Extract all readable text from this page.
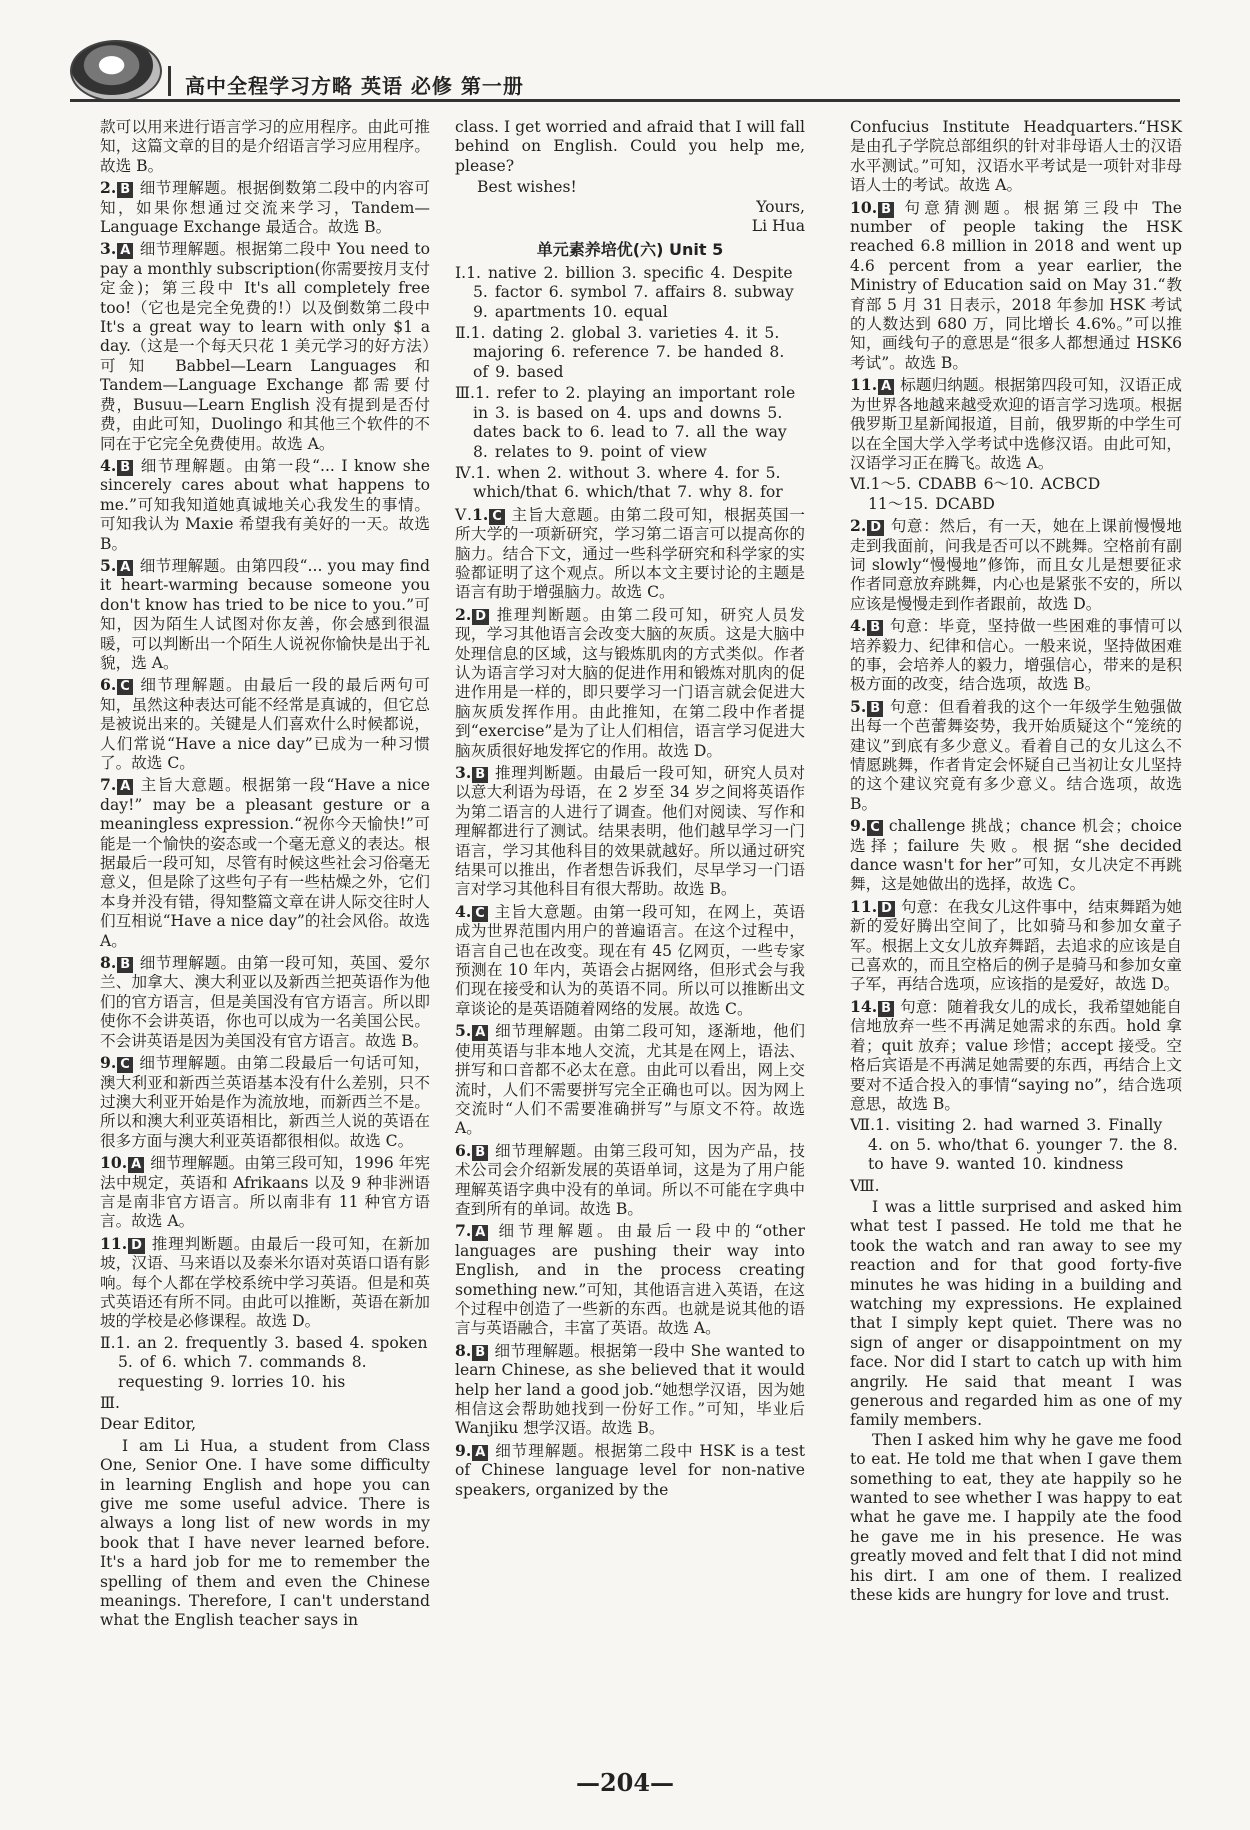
高中全程学习方略 英语 必修 第一册

款可以用来进行语言学习的应用程序。由此可推知，这篇文章的目的是介绍语言学习应用程序。故选 B。

2. B 细节理解题。根据倒数第二段中的内容可知，如果你想通过交流来学习，Tandem—Language Exchange 最适合。故选 B。

3. A 细节理解题。根据第二段中 You need to pay a monthly subscription(你需要按月支付定金)；第三段中 It's all completely free too!（它也是完全免费的!）以及倒数第二段中 It's a great way to learn with only $1 a day.（这是一个每天只花 1 美元学习的好方法）可知 Babbel—Learn Languages 和 Tandem—Language Exchange 都需要付费，Busuu—Learn English 没有提到是否付费，由此可知，Duolingo 和其他三个软件的不同在于它完全免费使用。故选 A。

4. B 细节理解题。由第一段“... I know she sincerely cares about what happens to me.”可知我知道她真诚地关心我发生的事情。可知我认为 Maxie 希望我有美好的一天。故选 B。

5. A 细节理解题。由第四段“... you may find it heart-warming because someone you don't know has tried to be nice to you.”可知，因为陌生人试图对你友善，你会感到很温暖，可以判断出一个陌生人说祝你愉快是出于礼貌，选 A。

6. C 细节理解题。由最后一段的最后两句可知，虽然这种表达可能不经常是真诚的，但它总是被说出来的。关键是人们喜欢什么时候都说，人们常说“Have a nice day”已成为一种习惯了。故选 C。

7. A 主旨大意题。根据第一段“Have a nice day!” may be a pleasant gesture or a meaningless expression.“祝你今天愉快!”可能是一个愉快的姿态或一个毫无意义的表达。根据最后一段可知，尽管有时候这些社会习俗毫无意义，但是除了这些句子有一些枯燥之外，它们本身并没有错，得知整篇文章在讲人际交往时人们互相说“Have a nice day”的社会风俗。故选 A。

8. B 细节理解题。由第一段可知，英国、爱尔兰、加拿大、澳大利亚以及新西兰把英语作为他们的官方语言，但是美国没有官方语言。所以即使你不会讲英语，你也可以成为一名美国公民。不会讲英语是因为美国没有官方语言。故选 B。

9. C 细节理解题。由第二段最后一句话可知，澳大利亚和新西兰英语基本没有什么差别，只不过澳大利亚开始是作为流放地，而新西兰不是。所以和澳大利亚英语相比，新西兰人说的英语在很多方面与澳大利亚英语都很相似。故选 C。

10. A 细节理解题。由第三段可知，1996 年宪法中规定，英语和 Afrikaans 以及 9 种非洲语言是南非官方语言。所以南非有 11 种官方语言。故选 A。

11. D 推理判断题。由最后一段可知，在新加坡，汉语、马来语以及泰米尔语对英语口语有影响。每个人都在学校系统中学习英语。但是和英式英语还有所不同。由此可以推断，英语在新加坡的学校是必修课程。故选 D。

Ⅱ.1. an 2. frequently 3. based 4. spoken 5. of 6. which 7. commands 8. requesting 9. lorries 10. his

Ⅲ.

Dear Editor,

I am Li Hua, a student from Class One, Senior One. I have some difficulty in learning English and hope you can give me some useful advice. There is always a long list of new words in my book that I have never learned before. It's a hard job for me to remember the spelling of them and even the Chinese meanings. Therefore, I can't understand what the English teacher says in

class. I get worried and afraid that I will fall behind on English. Could you help me, please?

Best wishes!

Yours,

Li Hua

单元素养培优(六) Unit 5

Ⅰ.1. native 2. billion 3. specific 4. Despite 5. factor 6. symbol 7. affairs 8. subway 9. apartments 10. equal

Ⅱ.1. dating 2. global 3. varieties 4. it 5. majoring 6. reference 7. be handed 8. of 9. based

Ⅲ.1. refer to 2. playing an important role in 3. is based on 4. ups and downs 5. dates back to 6. lead to 7. all the way 8. relates to 9. point of view

Ⅳ.1. when 2. without 3. where 4. for 5. which/that 6. which/that 7. why 8. for

Ⅴ.1. C 主旨大意题。由第二段可知，根据英国一所大学的一项新研究，学习第二语言可以提高你的脑力。结合下文，通过一些科学研究和科学家的实验都证明了这个观点。所以本文主要讨论的主题是语言有助于增强脑力。故选 C。

2. D 推理判断题。由第二段可知，研究人员发现，学习其他语言会改变大脑的灰质。这是大脑中处理信息的区域，这与锻炼肌肉的方式类似。作者认为语言学习对大脑的促进作用和锻炼对肌肉的促进作用是一样的，即只要学习一门语言就会促进大脑灰质发挥作用。由此推知，在第二段中作者提到“exercise”是为了让人们相信，语言学习促进大脑灰质很好地发挥它的作用。故选 D。

3. B 推理判断题。由最后一段可知，研究人员对以意大利语为母语，在 2 岁至 34 岁之间将英语作为第二语言的人进行了调查。他们对阅读、写作和理解都进行了测试。结果表明，他们越早学习一门语言，学习其他科目的效果就越好。所以通过研究结果可以推出，作者想告诉我们，尽早学习一门语言对学习其他科目有很大帮助。故选 B。

4. C 主旨大意题。由第一段可知，在网上，英语成为世界范围内用户的普遍语言。在这个过程中，语言自己也在改变。现在有 45 亿网页，一些专家预测在 10 年内，英语会占据网络，但形式会与我们现在接受和认为的英语不同。所以可以推断出文章谈论的是英语随着网络的发展。故选 C。

5. A 细节理解题。由第二段可知，逐渐地，他们使用英语与非本地人交流，尤其是在网上，语法、拼写和口音都不必太在意。由此可以看出，网上交流时，人们不需要拼写完全正确也可以。因为网上交流时“人们不需要准确拼写”与原文不符。故选 A。

6. B 细节理解题。由第三段可知，因为产品，技术公司会介绍新发展的英语单词，这是为了用户能理解英语字典中没有的单词。所以不可能在字典中查到所有的单词。故选 B。

7. A 细节理解题。由最后一段中的“other languages are pushing their way into English, and in the process creating something new.”可知，其他语言进入英语，在这个过程中创造了一些新的东西。也就是说其他的语言与英语融合，丰富了英语。故选 A。

8. B 细节理解题。根据第一段中 She wanted to learn Chinese, as she believed that it would help her land a good job.“她想学汉语，因为她相信这会帮助她找到一份好工作。”可知，毕业后 Wanjiku 想学汉语。故选 B。

9. A 细节理解题。根据第二段中 HSK is a test of Chinese language level for non-native speakers, organized by the

Confucius Institute Headquarters.“HSK 是由孔子学院总部组织的针对非母语人士的汉语水平测试。”可知，汉语水平考试是一项针对非母语人士的考试。故选 A。

10. B 句意猜测题。根据第三段中 The number of people taking the HSK reached 6.8 million in 2018 and went up 4.6 percent from a year earlier, the Ministry of Education said on May 31.“教育部 5 月 31 日表示，2018 年参加 HSK 考试的人数达到 680 万，同比增长 4.6%。”可以推知，画线句子的意思是“很多人都想通过 HSK6 考试”。故选 B。

11. A 标题归纳题。根据第四段可知，汉语正成为世界各地越来越受欢迎的语言学习选项。根据俄罗斯卫星新闻报道，目前，俄罗斯的中学生可以在全国大学入学考试中选修汉语。由此可知，汉语学习正在腾飞。故选 A。

Ⅵ.1～5. CDABB 6～10. ACBCD
11～15. DCABD

2. D 句意：然后，有一天，她在上课前慢慢地走到我面前，问我是否可以不跳舞。空格前有副词 slowly“慢慢地”修饰，而且女儿是想要征求作者同意放弃跳舞，内心也是紧张不安的，所以应该是慢慢走到作者跟前，故选 D。

4. B 句意：毕竟，坚持做一些困难的事情可以培养毅力、纪律和信心。一般来说，坚持做困难的事，会培养人的毅力，增强信心，带来的是积极方面的改变，结合选项，故选 B。

5. B 句意：但看着我的这个一年级学生勉强做出每一个芭蕾舞姿势，我开始质疑这个“笼统的建议”到底有多少意义。看着自己的女儿这么不情愿跳舞，作者肯定会怀疑自己当初让女儿坚持的这个建议究竟有多少意义。结合选项，故选 B。

9. C challenge 挑战；chance 机会；choice 选择；failure 失败。根据“she decided dance wasn't for her”可知，女儿决定不再跳舞，这是她做出的选择，故选 C。

11. D 句意：在我女儿这件事中，结束舞蹈为她新的爱好腾出空间了，比如骑马和参加女童子军。根据上文女儿放弃舞蹈，去追求的应该是自己喜欢的，而且空格后的例子是骑马和参加女童子军，再结合选项，应该指的是爱好，故选 D。

14. B 句意：随着我女儿的成长，我希望她能自信地放弃一些不再满足她需求的东西。hold 拿着；quit 放弃；value 珍惜；accept 接受。空格后宾语是不再满足她需要的东西，再结合上文要对不适合投入的事情“saying no”，结合选项意思，故选 B。

Ⅶ.1. visiting 2. had warned 3. Finally 4. on 5. who/that 6. younger 7. the 8. to have 9. wanted 10. kindness

Ⅷ.

I was a little surprised and asked him what test I passed. He told me that he took the watch and ran away to see my reaction and for that good forty-five minutes he was hiding in a building and watching my expressions. He explained that I simply kept quiet. There was no sign of anger or disappointment on my face. Nor did I start to catch up with him angrily. He said that meant I was generous and regarded him as one of my family members.

Then I asked him why he gave me food to eat. He told me that when I gave them something to eat, they ate happily so he wanted to see whether I was happy to eat what he gave me. I happily ate the food he gave me in his presence. He was greatly moved and felt that I did not mind his dirt. I am one of them. I realized these kids are hungry for love and trust.

—204—
